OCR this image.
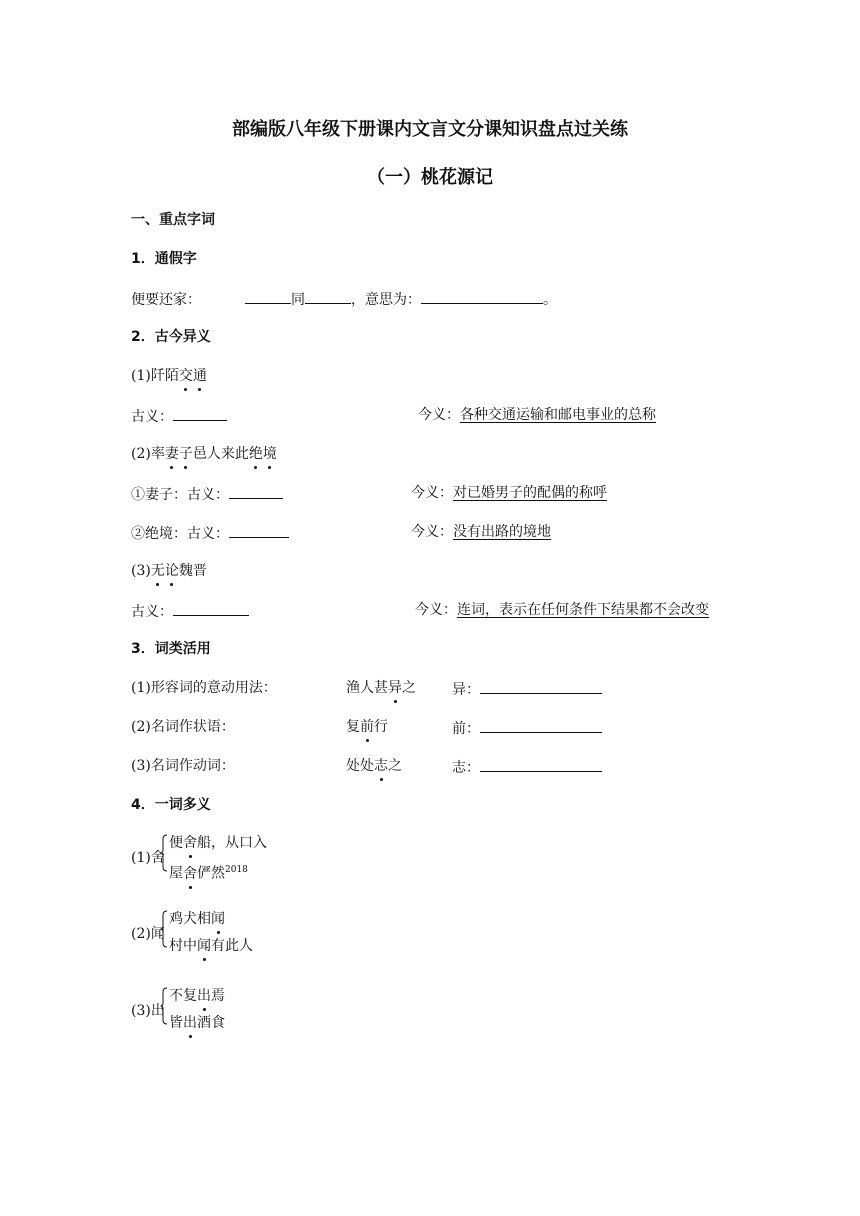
部编版八年级下册课内文言文分课知识盘点过关练
（一）桃花源记
一、重点字词
1．通假字
便要还家：	同	，意思为：	。
2．古今异义
(1)阡陌交通
古义：	今义：各种交通运输和邮电事业的总称
(2)率妻子邑人来此绝境
①妻子：古义：	今义：对已婚男子的配偶的称呼
②绝境：古义：	今义：没有出路的境地
(3)无论魏晋
古义：	今义：连词，表示在任何条件下结果都不会改变
3．词类活用
(1)形容词的意动用法：	渔人甚异之	异：
(2)名词作状语：	复前行	前：
(3)名词作动词：	处处志之	志：
4．一词多义
(1)舍
便舍船，从口入
屋舍俨然$^{2018}$
(2)闻
鸡犬相闻
村中闻有此人
(3)出
不复出焉
皆出酒食
